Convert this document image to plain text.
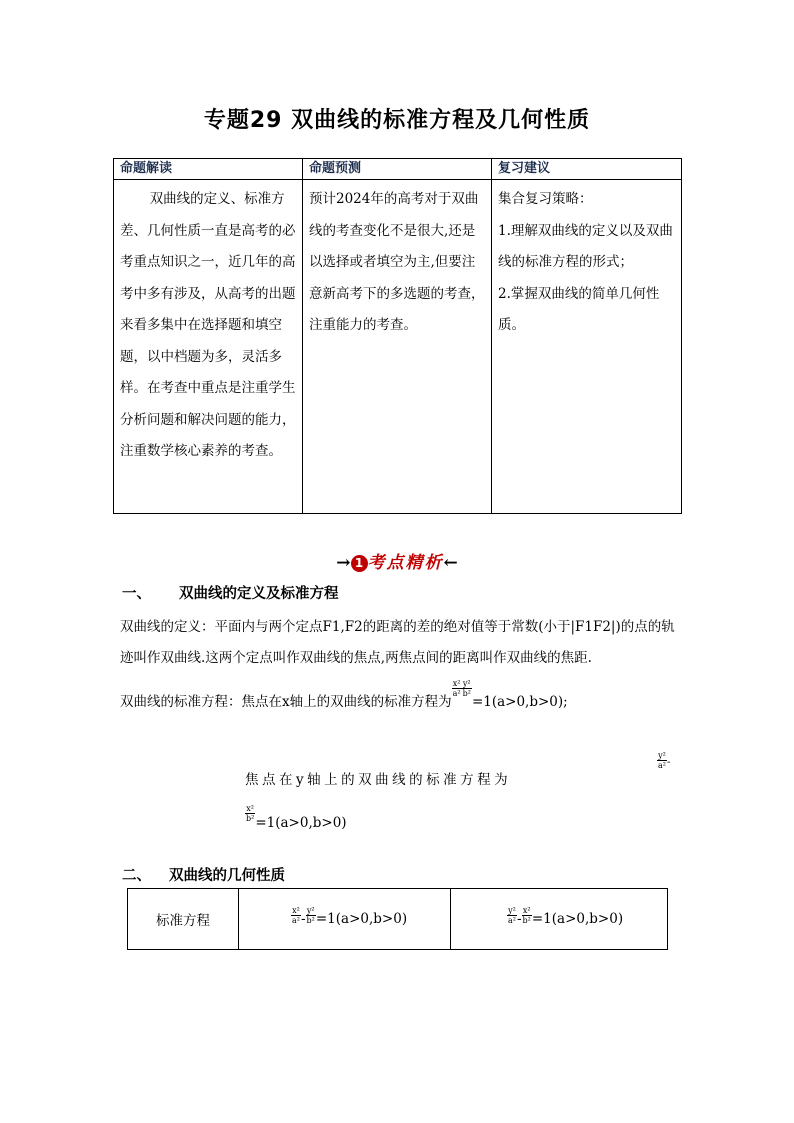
专题29 双曲线的标准方程及几何性质
命题解读	命题预测	复习建议
双曲线的定义、标准方差、几何性质一直是高考的必考重点知识之一，近几年的高考中多有涉及，从高考的出题来看多集中在选择题和填空题，以中档题为多，灵活多样。在考查中重点是注重学生分析问题和解决问题的能力，注重数学核心素养的考查。	预计2024年的高考对于双曲线的考查变化不是很大,还是以选择或者填空为主,但要注意新高考下的多选题的考查，注重能力的考查。	集合复习策略：
1.理解双曲线的定义以及双曲线的标准方程的形式；
2.掌握双曲线的简单几何性质。
→ 1 考点精析←
一、 双曲线的定义及标准方程
双曲线的定义：平面内与两个定点F1,F2的距离的差的绝对值等于常数(小于|F1F2|)的点的轨
迹叫作双曲线.这两个定点叫作双曲线的焦点,两焦点间的距离叫作双曲线的焦距.
双曲线的标准方程：焦点在x轴上的双曲线的标准方程为
$\frac{\text{x²}}{\text{a²}} \frac{\text{y²}}{\text{b²}}$
=1(a>0,b>0);
焦点在y轴上的双曲线的标准方程为
$\frac{\text{y²}}{\text{a²}}$ -
$\frac{\text{x²}}{\text{b²}} =1(a>0,b>0)$
二、 双曲线的几何性质
标准方程	$\frac{\text{x²}}{\text{a²}} - \frac{\text{y²}}{\text{b²}} =1(a>0,b>0)$	$\frac{\text{y²}}{\text{a²}} - \frac{\text{x²}}{\text{b²}} =1(a>0,b>0)$
